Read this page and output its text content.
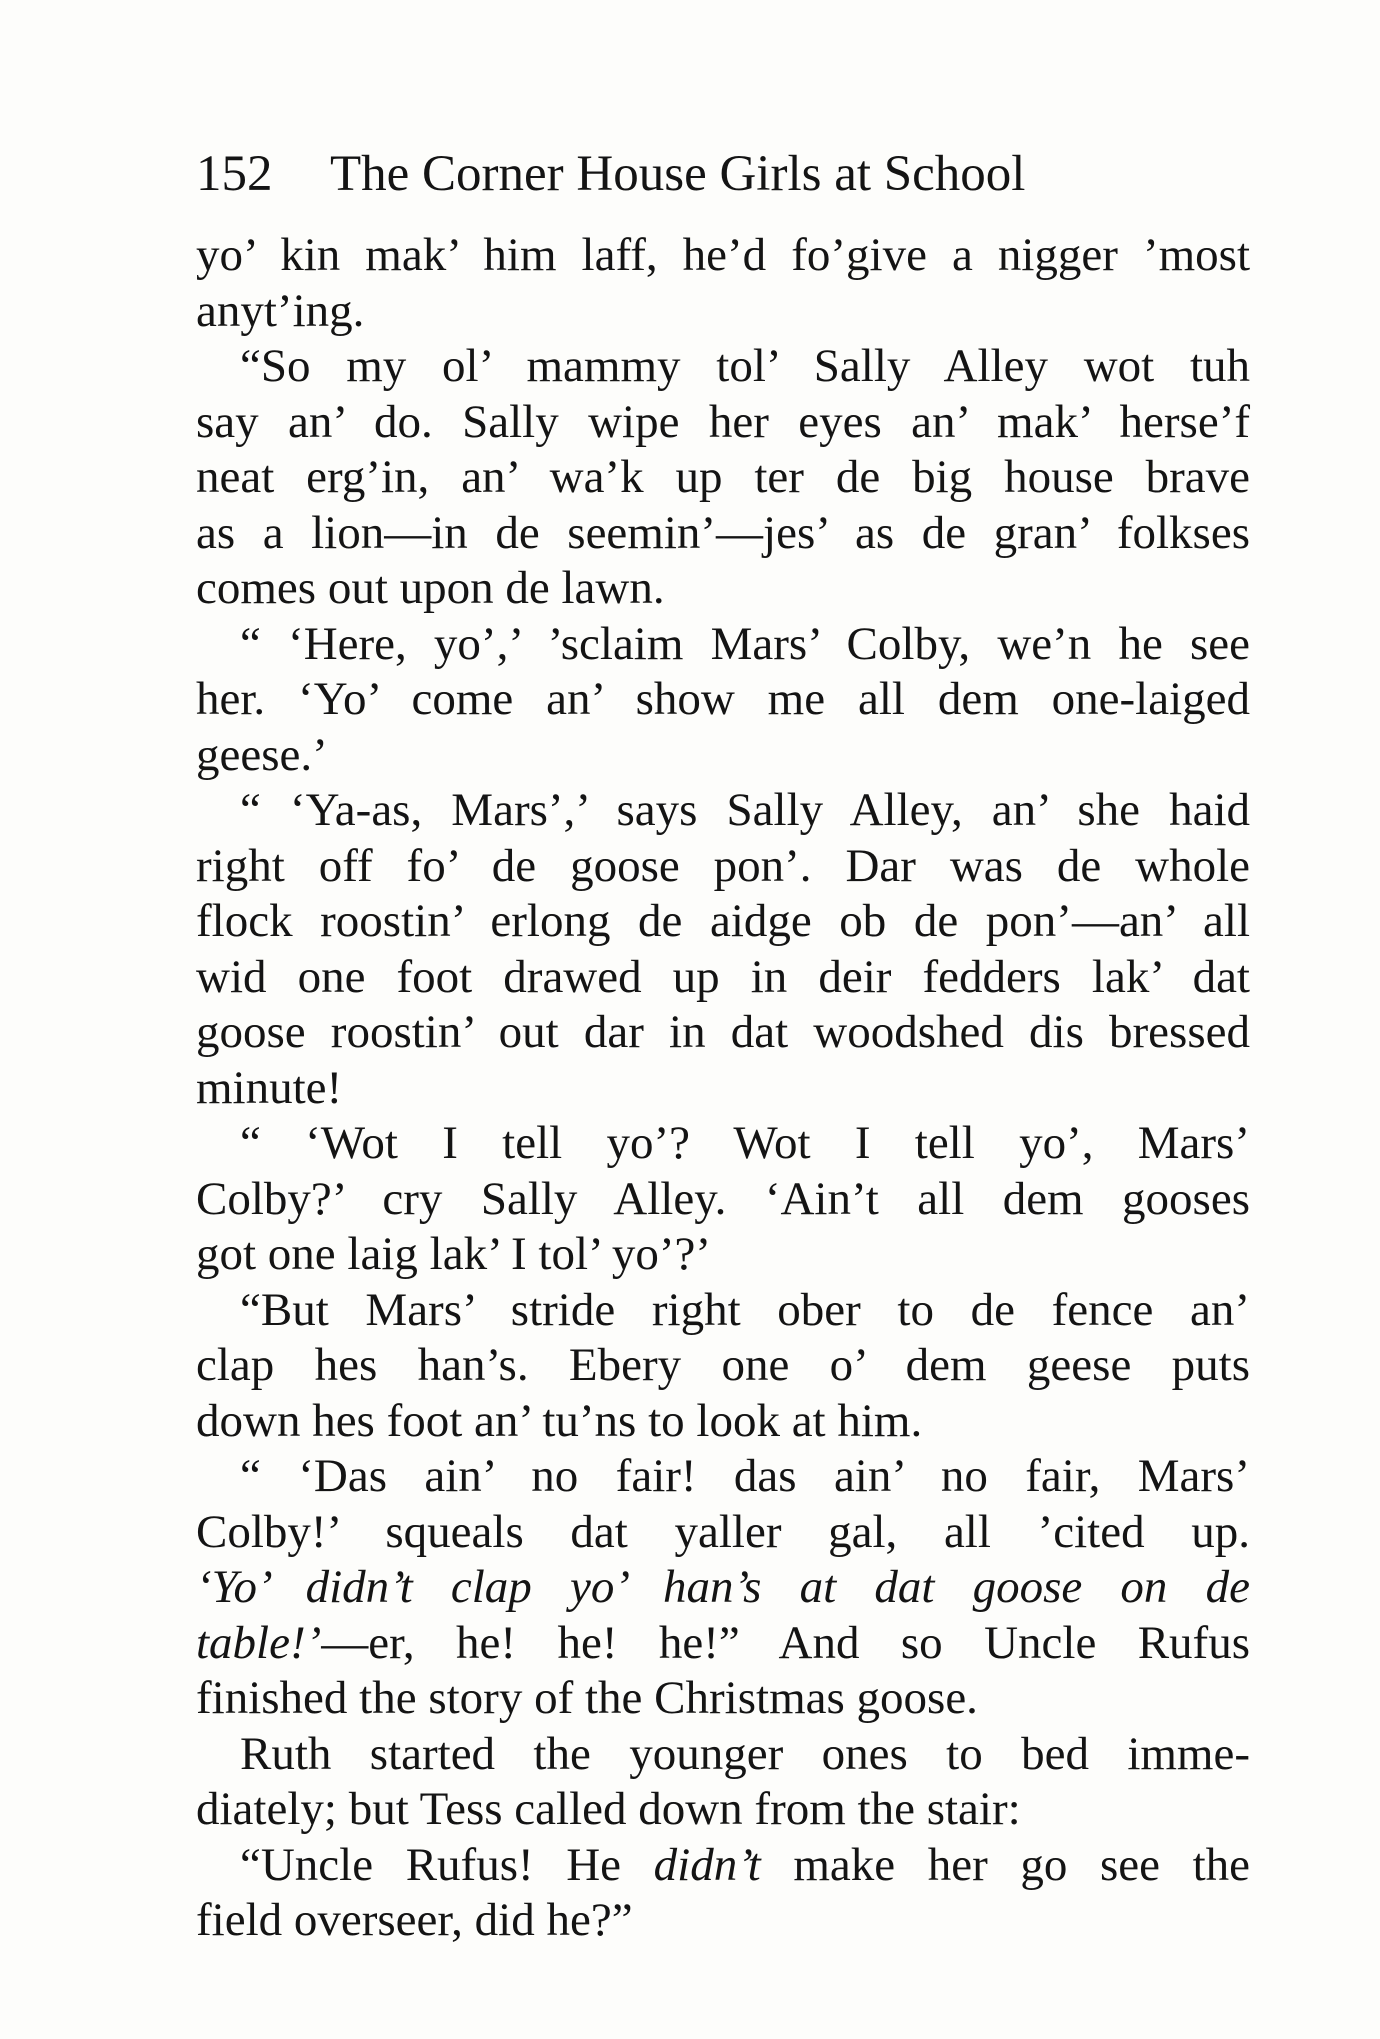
152 The Corner House Girls at School
yo’ kin mak’ him laff, he’d fo’give a nigger ’most
anyt’ing.
“So my ol’ mammy tol’ Sally Alley wot tuh
say an’ do. Sally wipe her eyes an’ mak’ herse’f
neat erg’in, an’ wa’k up ter de big house brave
as a lion—in de seemin’—jes’ as de gran’ folkses
comes out upon de lawn.
“ ‘Here, yo’,’ ’sclaim Mars’ Colby, we’n he see
her. ‘Yo’ come an’ show me all dem one-laiged
geese.’
“ ‘Ya-as, Mars’,’ says Sally Alley, an’ she haid
right off fo’ de goose pon’. Dar was de whole
flock roostin’ erlong de aidge ob de pon’—an’ all
wid one foot drawed up in deir fedders lak’ dat
goose roostin’ out dar in dat woodshed dis bressed
minute!
“ ‘Wot I tell yo’? Wot I tell yo’, Mars’
Colby?’ cry Sally Alley. ‘Ain’t all dem gooses
got one laig lak’ I tol’ yo’?’
“But Mars’ stride right ober to de fence an’
clap hes han’s. Ebery one o’ dem geese puts
down hes foot an’ tu’ns to look at him.
“ ‘Das ain’ no fair! das ain’ no fair, Mars’
Colby!’ squeals dat yaller gal, all ’cited up.
‘Yo’ didn’t clap yo’ han’s at dat goose on de
table!’—er, he! he! he!” And so Uncle Rufus
finished the story of the Christmas goose.
Ruth started the younger ones to bed imme-
diately; but Tess called down from the stair:
“Uncle Rufus! He didn’t make her go see the
field overseer, did he?”
